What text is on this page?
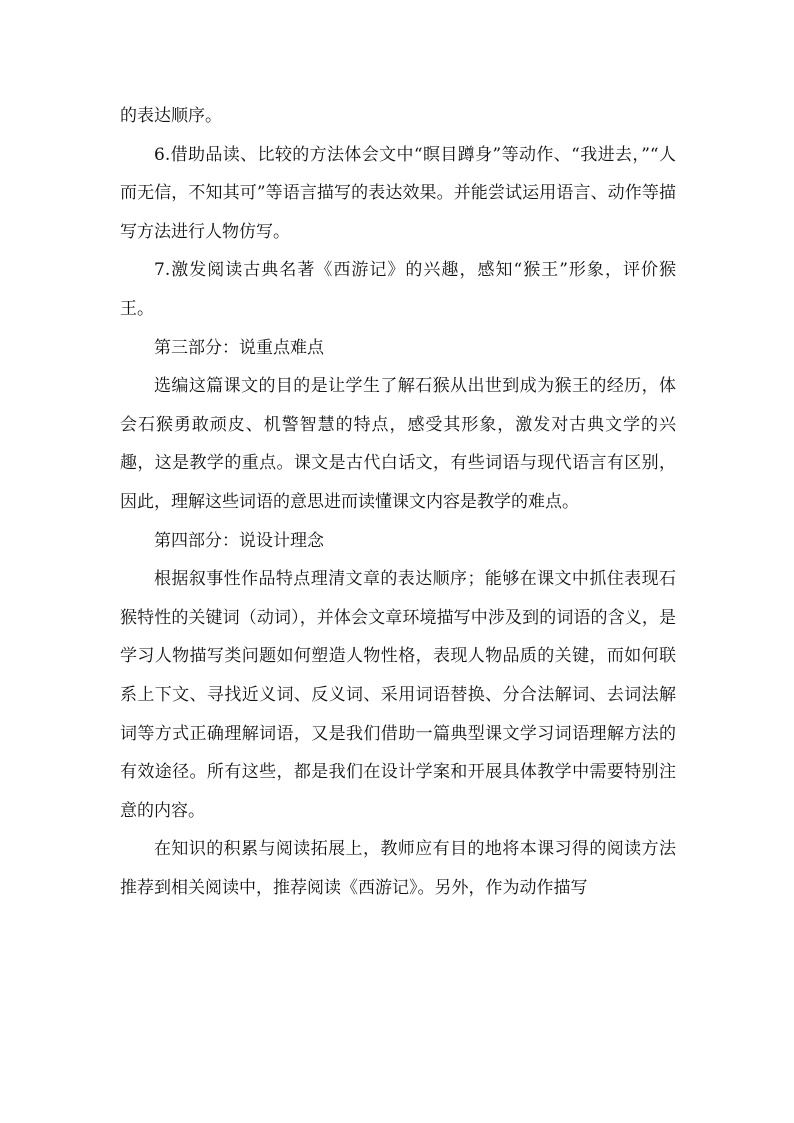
的表达顺序。

6.借助品读、比较的方法体会文中“瞑目蹲身”等动作、“我进去，”“人而无信，不知其可”等语言描写的表达效果。并能尝试运用语言、动作等描写方法进行人物仿写。

7.激发阅读古典名著《西游记》的兴趣，感知“猴王”形象，评价猴王。

第三部分：说重点难点

选编这篇课文的目的是让学生了解石猴从出世到成为猴王的经历，体会石猴勇敢顽皮、机警智慧的特点，感受其形象，激发对古典文学的兴趣，这是教学的重点。课文是古代白话文，有些词语与现代语言有区别，因此，理解这些词语的意思进而读懂课文内容是教学的难点。

第四部分：说设计理念

根据叙事性作品特点理清文章的表达顺序；能够在课文中抓住表现石猴特性的关键词（动词），并体会文章环境描写中涉及到的词语的含义，是学习人物描写类问题如何塑造人物性格，表现人物品质的关键，而如何联系上下文、寻找近义词、反义词、采用词语替换、分合法解词、去词法解词等方式正确理解词语，又是我们借助一篇典型课文学习词语理解方法的有效途径。所有这些，都是我们在设计学案和开展具体教学中需要特别注意的内容。

在知识的积累与阅读拓展上，教师应有目的地将本课习得的阅读方法推荐到相关阅读中，推荐阅读《西游记》。另外，作为动作描写
